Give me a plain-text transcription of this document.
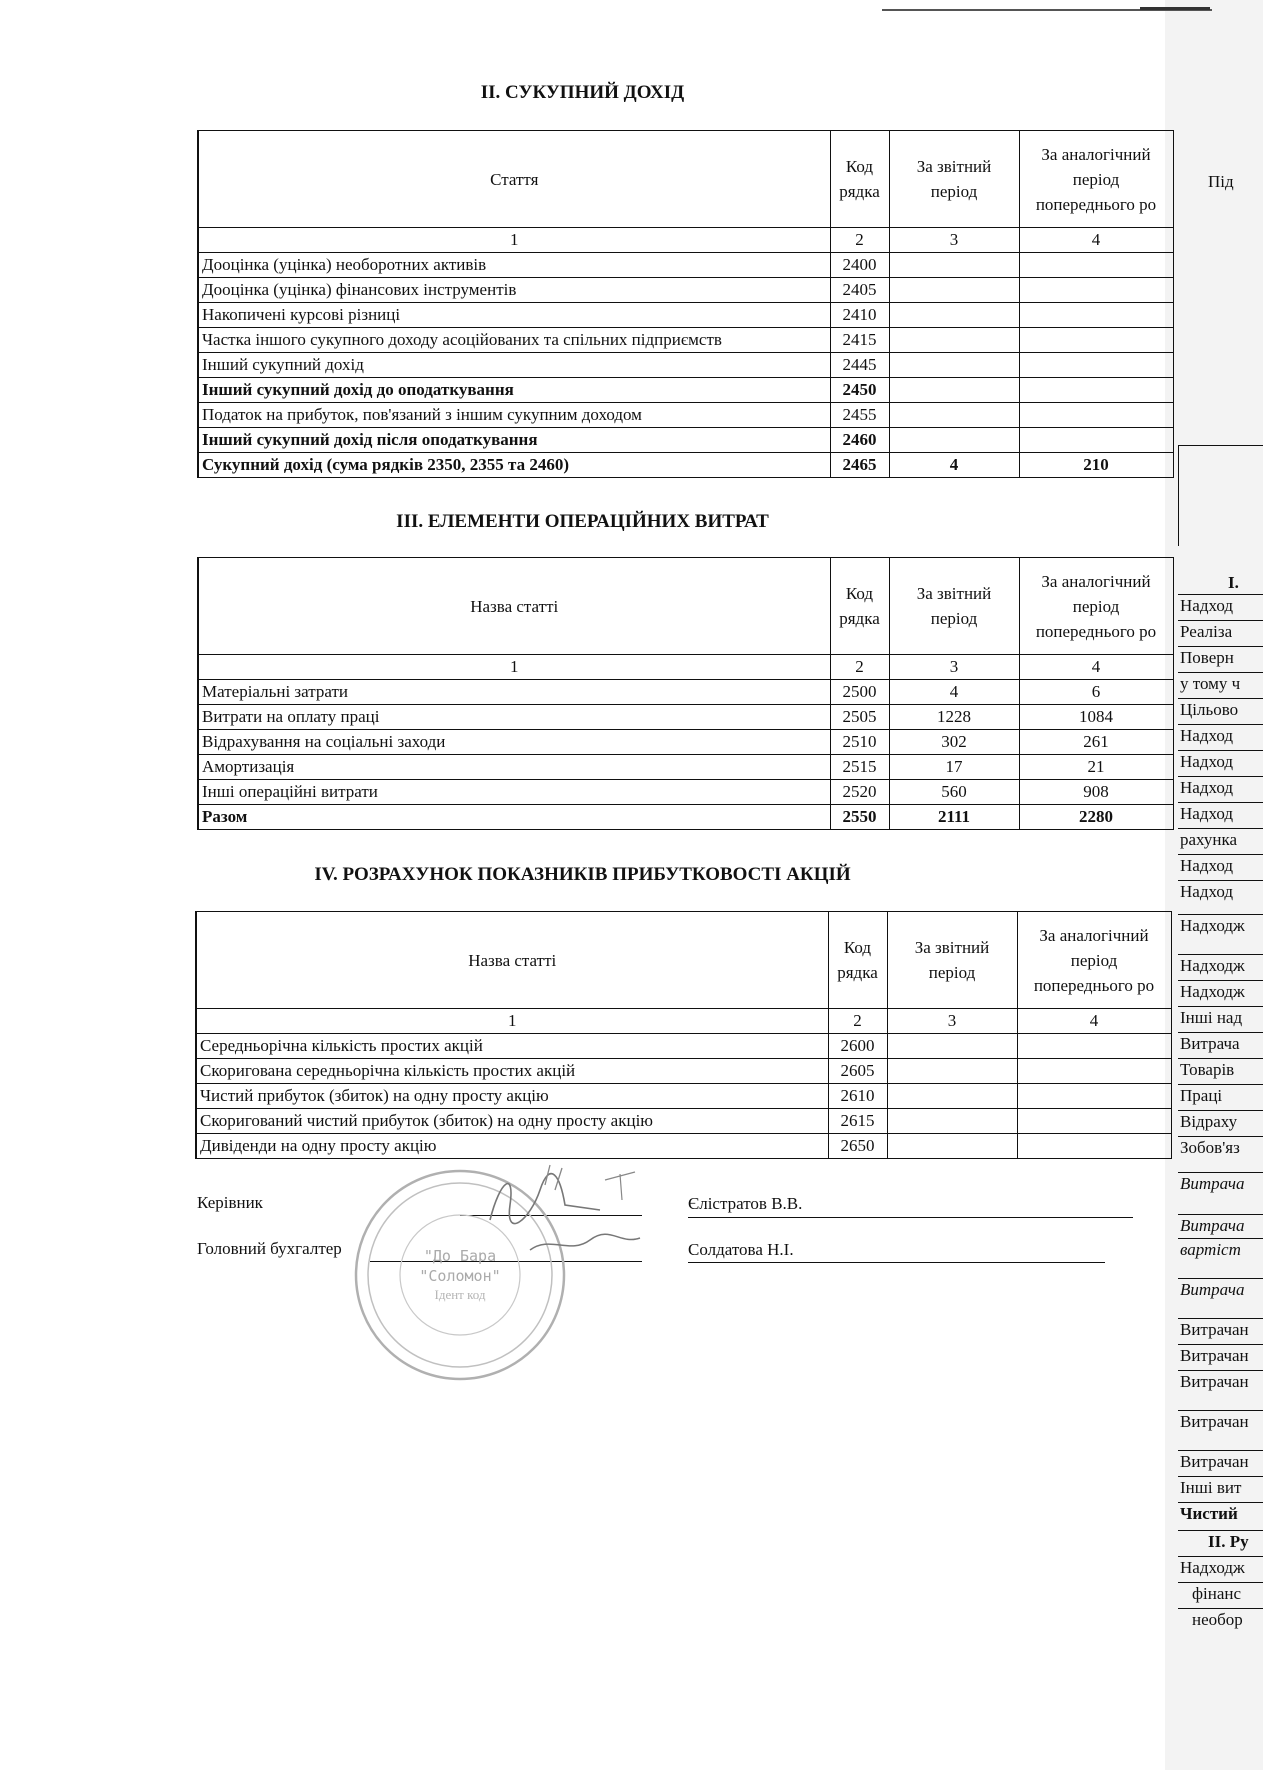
II. СУКУПНИЙ ДОХІД
Стаття	Код рядка	За звітний період	За аналогічний період попереднього ро
1	2	3	4
Дооцінка (уцінка) необоротних активів	2400		
Дооцінка (уцінка) фінансових інструментів	2405		
Накопичені курсові різниці	2410		
Частка іншого сукупного доходу асоційованих та спільних підприємств	2415		
Інший сукупний дохід	2445		
Інший сукупний дохід до оподаткування	2450		
Податок на прибуток, пов'язаний з іншим сукупним доходом	2455		
Інший сукупний дохід після оподаткування	2460		
Сукупний дохід (сума рядків 2350, 2355 та 2460)	2465	4	210
III. ЕЛЕМЕНТИ ОПЕРАЦІЙНИХ ВИТРАТ
Назва статті	Код рядка	За звітний період	За аналогічний період попереднього ро
1	2	3	4
Матеріальні затрати	2500	4	6
Витрати на оплату праці	2505	1228	1084
Відрахування на соціальні заходи	2510	302	261
Амортизація	2515	17	21
Інші операційні витрати	2520	560	908
Разом	2550	2111	2280
IV. РОЗРАХУНОК ПОКАЗНИКІВ ПРИБУТКОВОСТІ АКЦІЙ
Назва статті	Код рядка	За звітний період	За аналогічний період попереднього ро
1	2	3	4
Середньорічна кількість простих акцій	2600		
Скоригована середньорічна кількість простих акцій	2605		
Чистий прибуток (збиток) на одну просту акцію	2610		
Скоригований чистий прибуток (збиток) на одну просту акцію	2615		
Дивіденди на одну просту акцію	2650		
Керівник	Єлістратов В.В.
Головний бухгалтер	Солдатова Н.І.
"До Бара
"Соломон"
Ідент код
Під
I.
Надход
Реаліза
Поверн
у тому ч
Цільово
Надход
Надход
Надход
Надход
рахунка
Надход
Надход
Надходж
Надходж
Надходж
Інші над
Витрача
Товарів
Праці
Відраху
Зобов'яз
Витрача
Витрача
вартіст
Витрача
Витрачан
Витрачан
Витрачан
Витрачан
Витрачан
Інші вит
Чистий
II. Ру
Надходж
фінанс
необор
